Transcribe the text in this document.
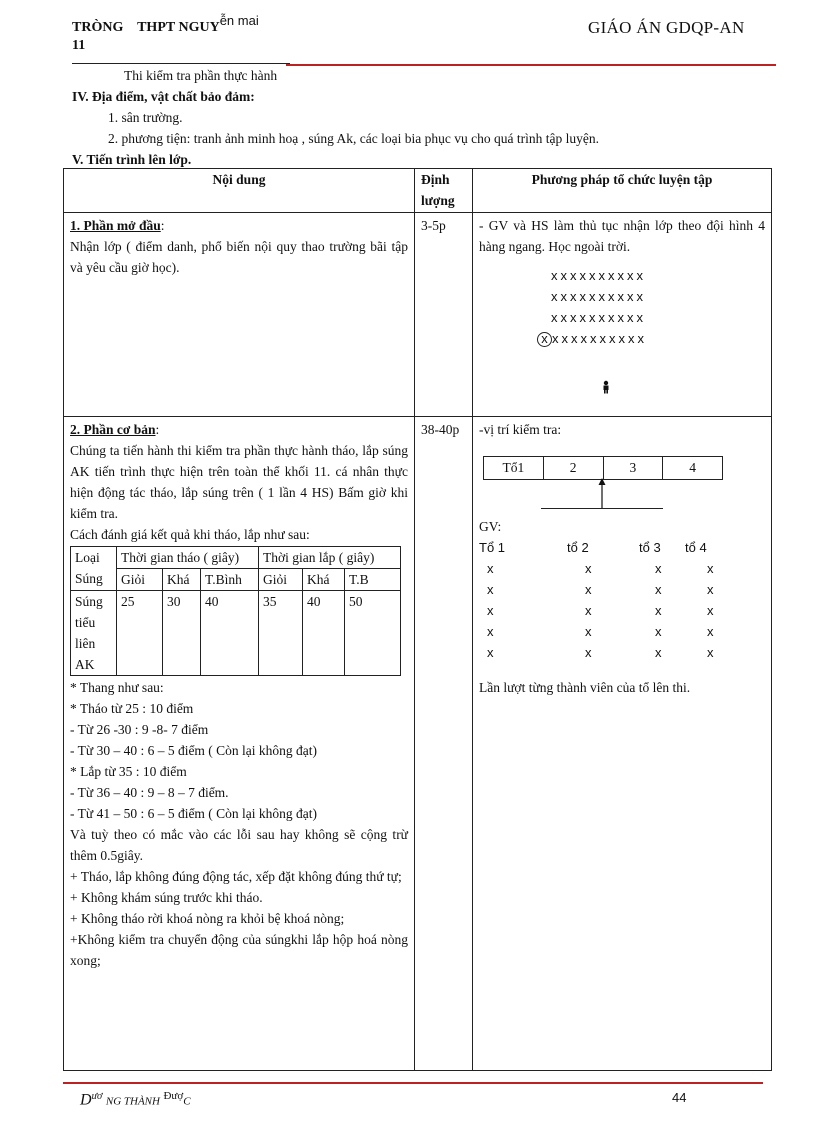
TRÒNG THPT NGUYễn mai
11
GIÁO ÁN GDQP-AN
Thi kiểm tra phần thực hành
IV. Địa điểm, vật chất bảo đảm:
1. sân trường.
2. phương tiện: tranh ảnh minh hoạ , súng Ak, các loại bia phục vụ cho quá trình tập luyện.
V. Tiến trình lên lớp.
Nội dung	Định lượng	Phương pháp tổ chức luyện tập
1. Phần mở đầu:
Nhận lớp ( điểm danh, phổ biến nội quy thao trường bãi tập và yêu cầu giờ học).	3-5p	- GV và HS làm thủ tục nhận lớp theo đội hình 4 hàng ngang. Học ngoài trời.
xxxxxxxxxx
xxxxxxxxxx
xxxxxxxxxx
x xxxxxxxxxx

2. Phần cơ bản:

Chúng ta tiến hành thi kiểm tra phần thực hành tháo, lắp súng AK tiến trình thực hiện trên toàn thể khối 11. cá nhân thực hiện động tác tháo, lắp súng trên ( 1 lần 4 HS) Bấm giờ khi kiểm tra.
Cách đánh giá kết quả khi tháo, lắp như sau:
Loại Súng	Thời gian tháo ( giây)	Thời gian lắp ( giây)
Giỏi	Khá	T.Bình	Giỏi	Khá	T.B
Súng tiểu liên AK	25	30	40	35	40	50
* Thang như sau:
* Tháo từ 25 : 10 điểm
- Từ 26 -30 : 9 -8- 7 điểm
- Từ 30 – 40 : 6 – 5 điểm ( Còn lại không đạt)
* Lắp từ 35 : 10 điểm
- Từ 36 – 40 : 9 – 8 – 7 điểm.
- Từ 41 – 50 : 6 – 5 điểm ( Còn lại không đạt)
Và tuỳ theo có mắc vào các lỗi sau hay không sẽ cộng trừ thêm 0.5giây.
+ Tháo, lắp không đúng động tác, xếp đặt không đúng thứ tự;
+ Không khám súng trước khi tháo.
+ Không tháo rời khoá nòng ra khỏi bệ khoá nòng;
+Không kiểm tra chuyển động của súngkhi lắp hộp hoá nòng xong;
	38-40p	-vị trí kiểm tra:
Tổ1	2	3	4
GV:
Tổ 1	tổ 2	tổ 3	tổ 4
x	x	x	x
x	x	x	x
x	x	x	x
x	x	x	x
x	x	x	x
Lần lượt từng thành viên của tổ lên thi.
$D^{ươ}$ NG THÀNH $^{Đượ}$C	44
